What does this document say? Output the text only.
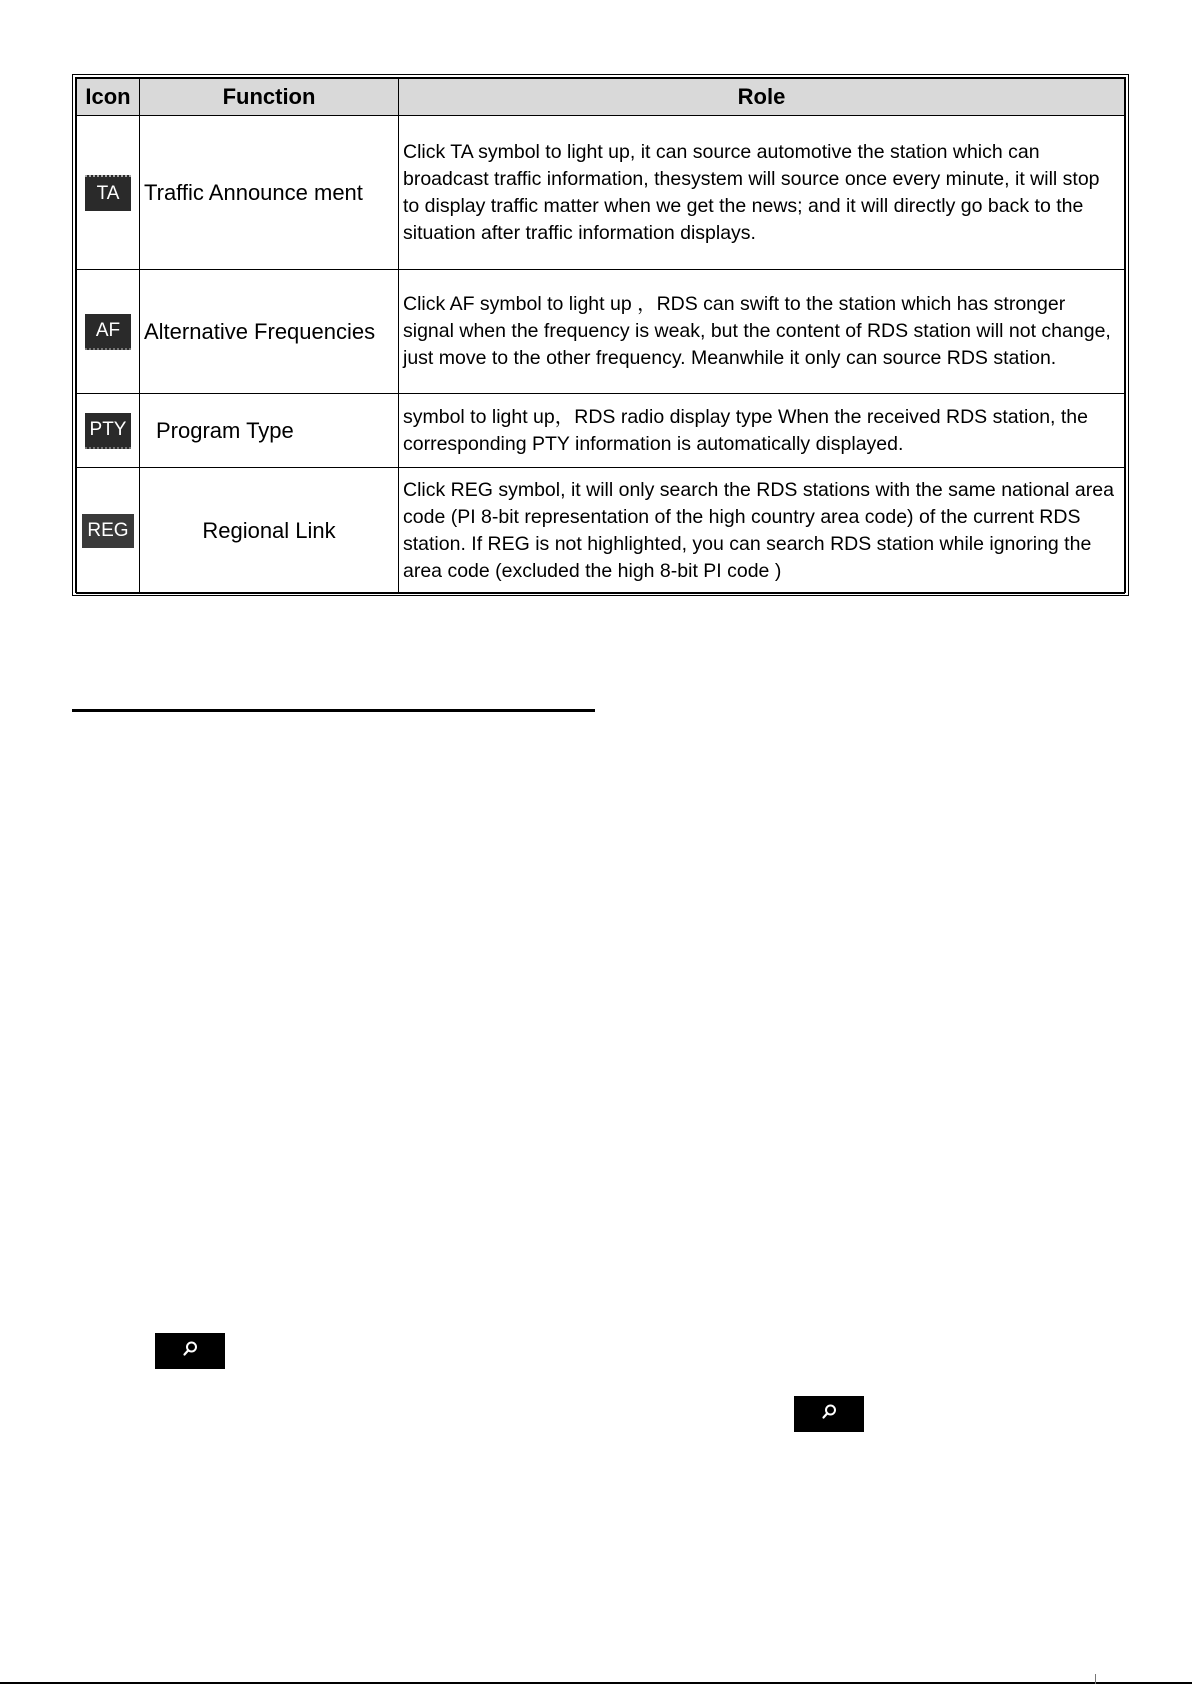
Icon	Function	Role
TA	Traffic Announce ment	Click TA symbol to light up, it can source automotive the station which can broadcast traffic information, thesystem will source once every minute, it will stop to display traffic matter when we get the news; and it will directly go back to the situation after traffic information displays.
AF	Alternative Frequencies	Click AF symbol to light up ，RDS can swift to the station which has stronger signal when the frequency is weak, but the content of RDS station will not change, just move to the other frequency. Meanwhile it only can source RDS station.
PTY	Program Type	symbol to light up，RDS radio display type When the received RDS station, the corresponding PTY information is automatically displayed.
REG	Regional Link	Click REG symbol, it will only search the RDS stations with the same national area code (PI 8-bit representation of the high country area code) of the current RDS station. If REG is not highlighted, you can search RDS station while ignoring the area code (excluded the high 8-bit PI code )
